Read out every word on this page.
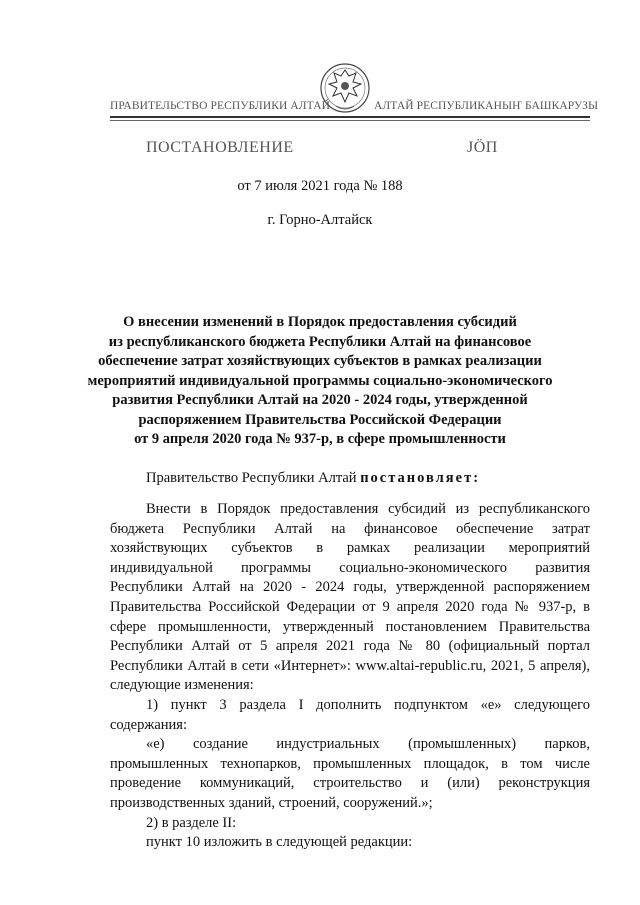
ПРАВИТЕЛЬСТВО РЕСПУБЛИКИ АЛТАЙ	АЛТАЙ РЕСПУБЛИКАНЫҤ БАШКАРУЗЫ
ПОСТАНОВЛЕНИЕ	ЈӦП
от 7 июля 2021 года № 188
г. Горно-Алтайск
О внесении изменений в Порядок предоставления субсидий
из республиканского бюджета Республики Алтай на финансовое
обеспечение затрат хозяйствующих субъектов в рамках реализации
мероприятий индивидуальной программы социально-экономического
развития Республики Алтай на 2020 - 2024 годы, утвержденной
распоряжением Правительства Российской Федерации
от 9 апреля 2020 года № 937-р, в сфере промышленности
Правительство Республики Алтай постановляет:
Внести в Порядок предоставления субсидий из республиканского бюджета Республики Алтай на финансовое обеспечение затрат хозяйствующих субъектов в рамках реализации мероприятий индивидуальной программы социально-экономического развития Республики Алтай на 2020 - 2024 годы, утвержденной распоряжением Правительства Российской Федерации от 9 апреля 2020 года № 937-р, в сфере промышленности, утвержденный постановлением Правительства Республики Алтай от 5 апреля 2021 года № 80 (официальный портал Республики Алтай в сети «Интернет»: www.altai-republic.ru, 2021, 5 апреля), следующие изменения:
1) пункт 3 раздела I дополнить подпунктом «е» следующего содержания:
«е) создание индустриальных (промышленных) парков, промышленных технопарков, промышленных площадок, в том числе проведение коммуникаций, строительство и (или) реконструкция производственных зданий, строений, сооружений.»;
2) в разделе II:
пункт 10 изложить в следующей редакции:
